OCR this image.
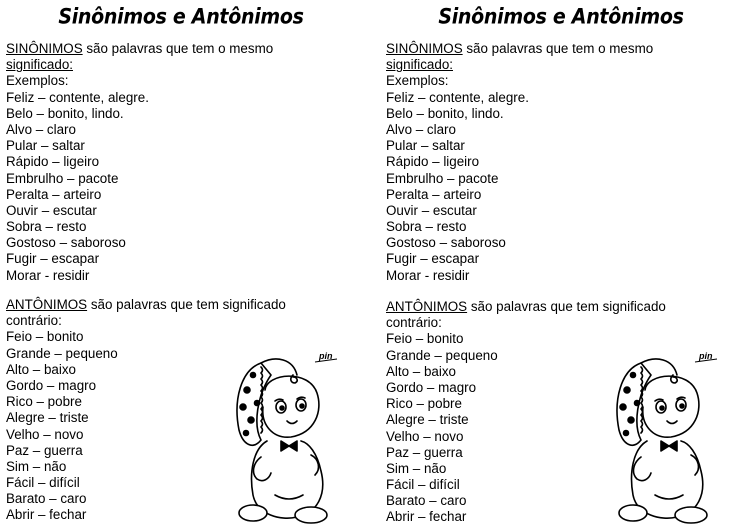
Sinônimos e Antônimos
SINÔNIMOS são palavras que tem o mesmo
significado:
Exemplos:
Feliz – contente, alegre.
Belo – bonito, lindo.
Alvo – claro
Pular – saltar
Rápido – ligeiro
Embrulho – pacote
Peralta – arteiro
Ouvir – escutar
Sobra – resto
Gostoso – saboroso
Fugir – escapar
Morar - residir
ANTÔNIMOS são palavras que tem significado
contrário:
Feio – bonito
Grande – pequeno
Alto – baixo
Gordo – magro
Rico – pobre
Alegre – triste
Velho – novo
Paz – guerra
Sim – não
Fácil – difícil
Barato – caro
Abrir – fechar
pin
Sinônimos e Antônimos
SINÔNIMOS são palavras que tem o mesmo
significado:
Exemplos:
Feliz – contente, alegre.
Belo – bonito, lindo.
Alvo – claro
Pular – saltar
Rápido – ligeiro
Embrulho – pacote
Peralta – arteiro
Ouvir – escutar
Sobra – resto
Gostoso – saboroso
Fugir – escapar
Morar - residir
ANTÔNIMOS são palavras que tem significado
contrário:
Feio – bonito
Grande – pequeno
Alto – baixo
Gordo – magro
Rico – pobre
Alegre – triste
Velho – novo
Paz – guerra
Sim – não
Fácil – difícil
Barato – caro
Abrir – fechar
pin
